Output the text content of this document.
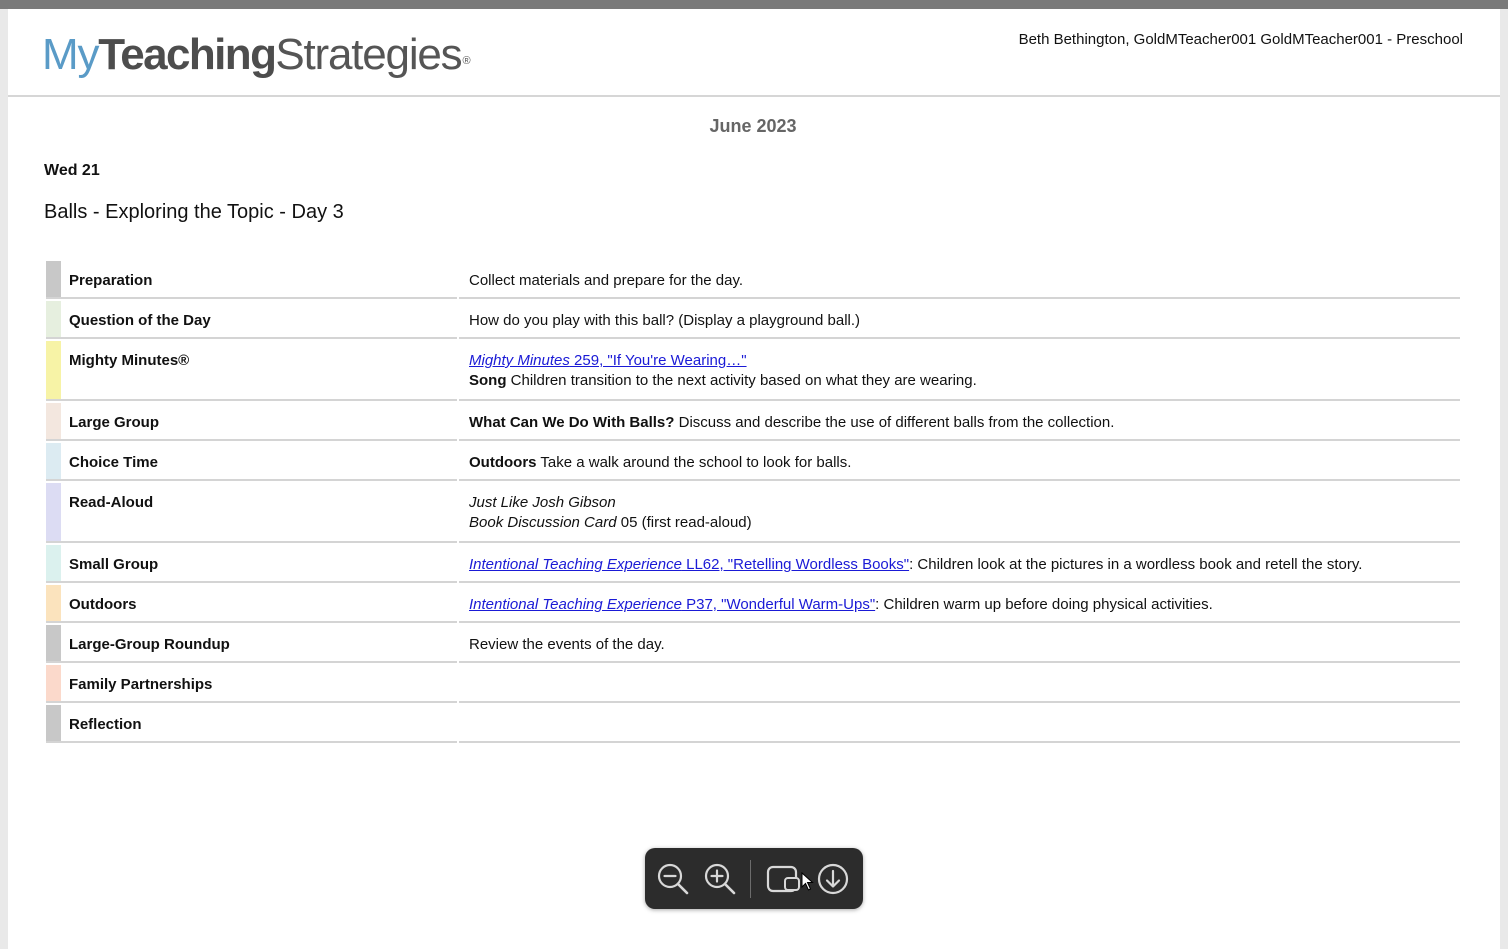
MyTeachingStrategies®
Beth Bethington, GoldMTeacher001 GoldMTeacher001 - Preschool
June 2023
Wed 21
Balls - Exploring the Topic - Day 3
Preparation	Collect materials and prepare for the day.
Question of the Day	How do you play with this ball? (Display a playground ball.)
Mighty Minutes®	Mighty Minutes 259, "If You're Wearing…"
Song Children transition to the next activity based on what they are wearing.
Large Group	What Can We Do With Balls? Discuss and describe the use of different balls from the collection.
Choice Time	Outdoors Take a walk around the school to look for balls.
Read-Aloud	Just Like Josh Gibson
Book Discussion Card 05 (first read-aloud)
Small Group	Intentional Teaching Experience LL62, "Retelling Wordless Books": Children look at the pictures in a wordless book and retell the story.
Outdoors	Intentional Teaching Experience P37, "Wonderful Warm-Ups": Children warm up before doing physical activities.
Large-Group Roundup	Review the events of the day.
Family Partnerships
Reflection
